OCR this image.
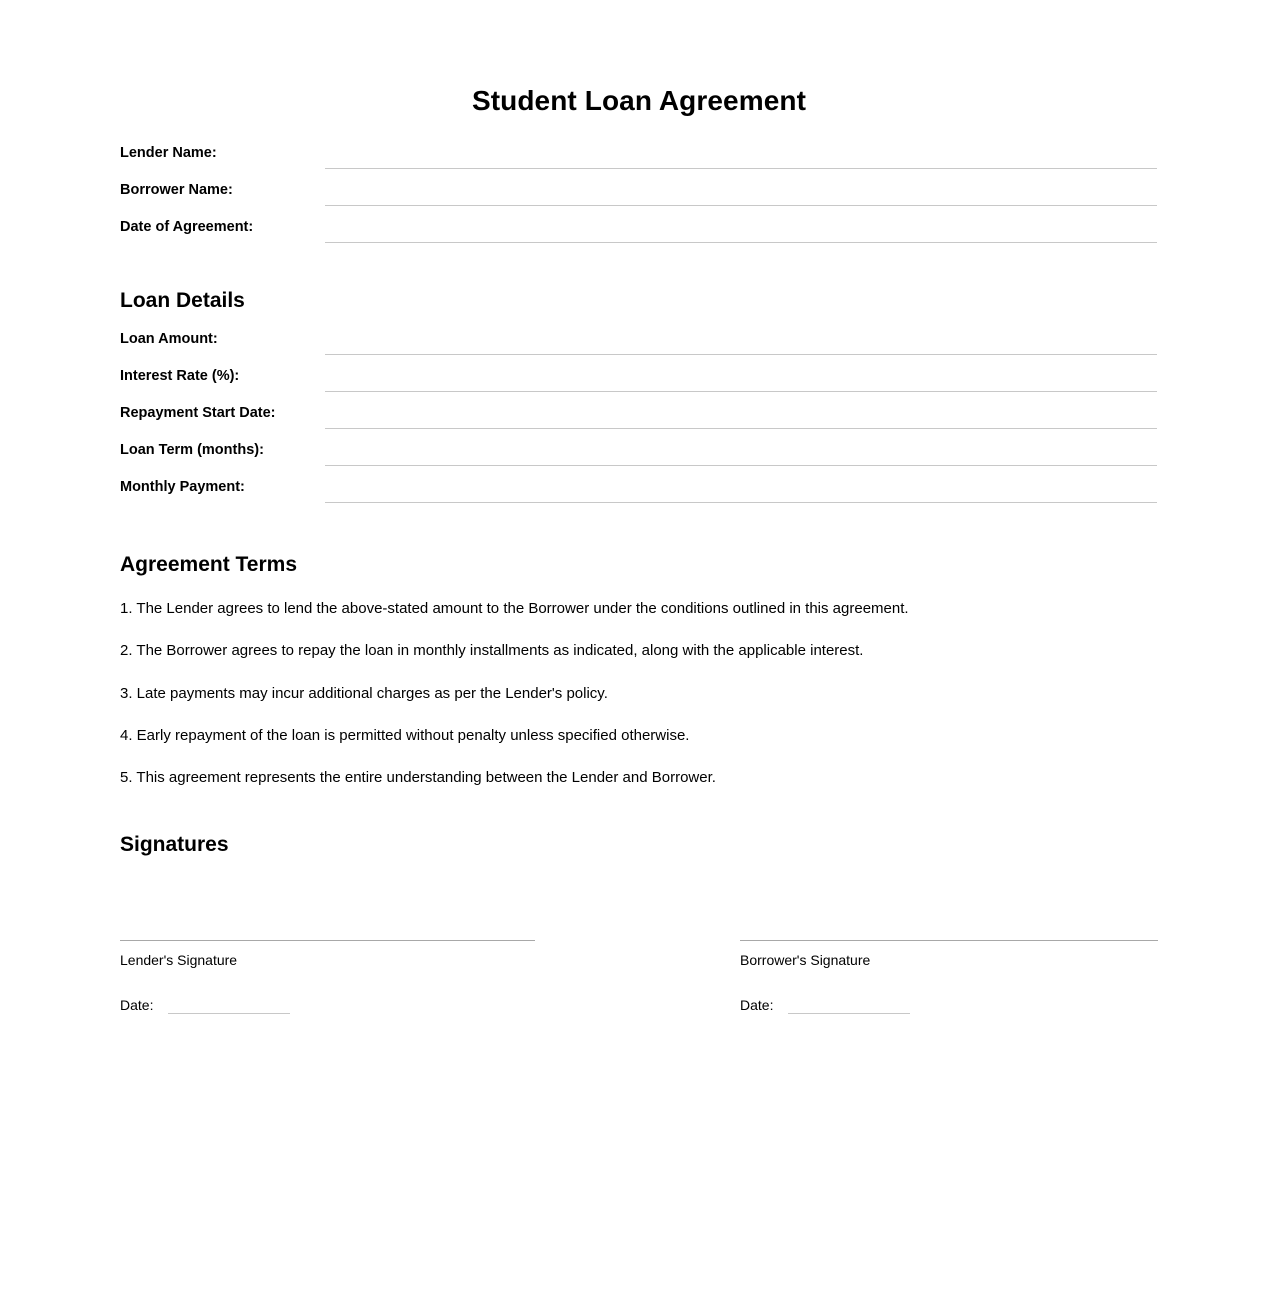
Student Loan Agreement
Lender Name:
Borrower Name:
Date of Agreement:
Loan Details
Loan Amount:
Interest Rate (%):
Repayment Start Date:
Loan Term (months):
Monthly Payment:
Agreement Terms
1. The Lender agrees to lend the above-stated amount to the Borrower under the conditions outlined in this agreement.
2. The Borrower agrees to repay the loan in monthly installments as indicated, along with the applicable interest.
3. Late payments may incur additional charges as per the Lender's policy.
4. Early repayment of the loan is permitted without penalty unless specified otherwise.
5. This agreement represents the entire understanding between the Lender and Borrower.
Signatures
Lender's Signature
Date:
Borrower's Signature
Date:
